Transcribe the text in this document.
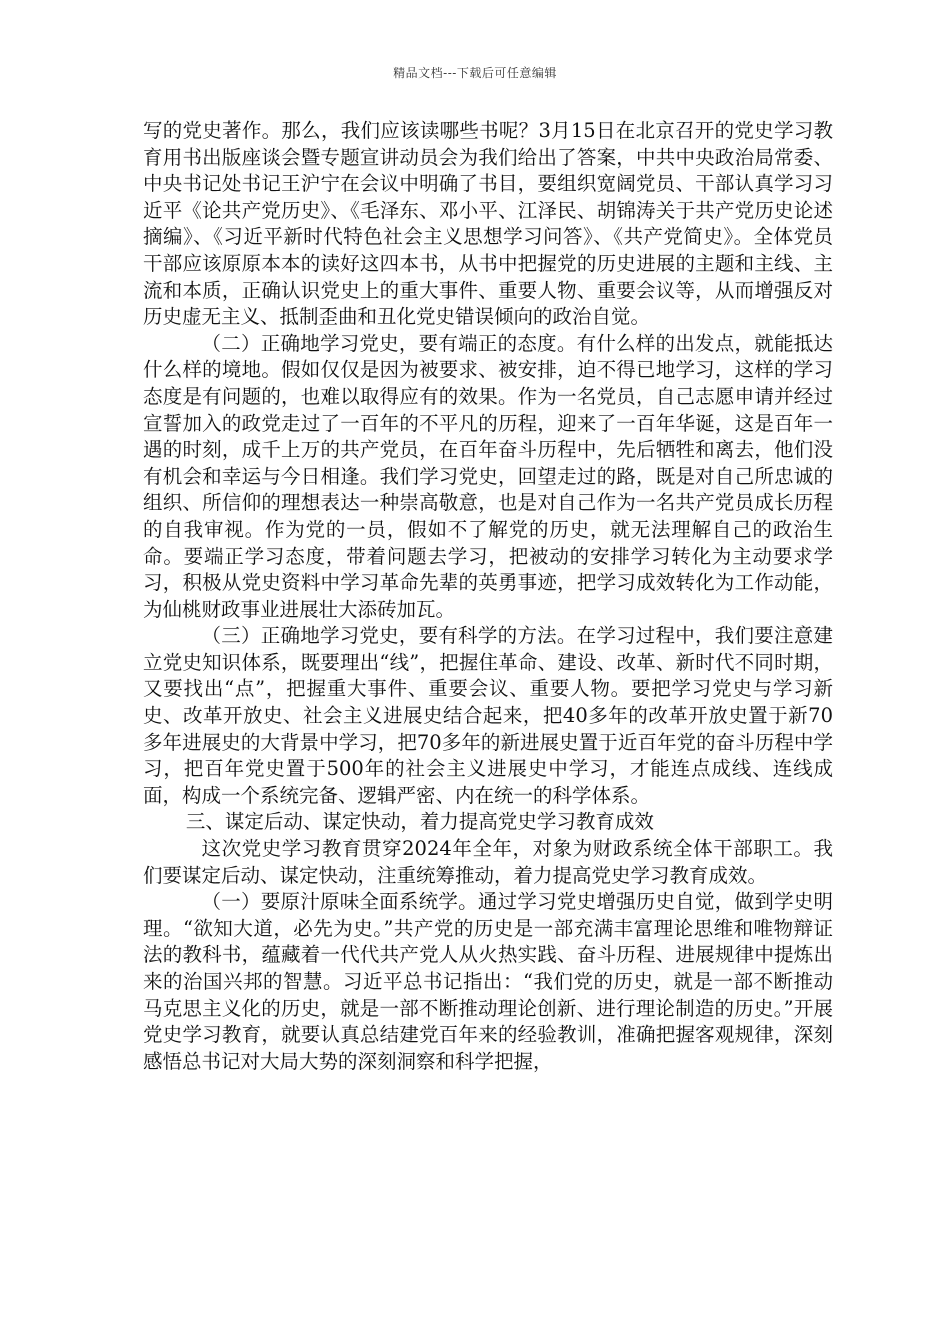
精品文档---下载后可任意编辑

写的党史著作。那么，我们应该读哪些书呢？3月15日在北京召开的党史学习教育用书出版座谈会暨专题宣讲动员会为我们给出了答案，中共中央政治局常委、中央书记处书记王沪宁在会议中明确了书目，要组织宽阔党员、干部认真学习习近平《论共产党历史》、《毛泽东、邓小平、江泽民、胡锦涛关于共产党历史论述摘编》、《习近平新时代特色社会主义思想学习问答》、《共产党简史》。全体党员干部应该原原本本的读好这四本书，从书中把握党的历史进展的主题和主线、主流和本质，正确认识党史上的重大事件、重要人物、重要会议等，从而增强反对历史虚无主义、抵制歪曲和丑化党史错误倾向的政治自觉。

（二）正确地学习党史，要有端正的态度。有什么样的出发点，就能抵达什么样的境地。假如仅仅是因为被要求、被安排，迫不得已地学习，这样的学习态度是有问题的，也难以取得应有的效果。作为一名党员，自己志愿申请并经过宣誓加入的政党走过了一百年的不平凡的历程，迎来了一百年华诞，这是百年一遇的时刻，成千上万的共产党员，在百年奋斗历程中，先后牺牲和离去，他们没有机会和幸运与今日相逢。我们学习党史，回望走过的路，既是对自己所忠诚的组织、所信仰的理想表达一种崇高敬意，也是对自己作为一名共产党员成长历程的自我审视。作为党的一员，假如不了解党的历史，就无法理解自己的政治生命。要端正学习态度，带着问题去学习，把被动的安排学习转化为主动要求学习，积极从党史资料中学习革命先辈的英勇事迹，把学习成效转化为工作动能，为仙桃财政事业进展壮大添砖加瓦。

（三）正确地学习党史，要有科学的方法。在学习过程中，我们要注意建立党史知识体系，既要理出“线”，把握住革命、建设、改革、新时代不同时期，又要找出“点”，把握重大事件、重要会议、重要人物。要把学习党史与学习新史、改革开放史、社会主义进展史结合起来，把40多年的改革开放史置于新70多年进展史的大背景中学习，把70多年的新进展史置于近百年党的奋斗历程中学习，把百年党史置于500年的社会主义进展史中学习，才能连点成线、连线成面，构成一个系统完备、逻辑严密、内在统一的科学体系。

三、谋定后动、谋定快动，着力提高党史学习教育成效

这次党史学习教育贯穿2024年全年，对象为财政系统全体干部职工。我们要谋定后动、谋定快动，注重统筹推动，着力提高党史学习教育成效。

（一）要原汁原味全面系统学。通过学习党史增强历史自觉，做到学史明理。“欲知大道，必先为史。”共产党的历史是一部充满丰富理论思维和唯物辩证法的教科书，蕴藏着一代代共产党人从火热实践、奋斗历程、进展规律中提炼出来的治国兴邦的智慧。习近平总书记指出：“我们党的历史，就是一部不断推动马克思主义化的历史，就是一部不断推动理论创新、进行理论制造的历史。”开展党史学习教育，就要认真总结建党百年来的经验教训，准确把握客观规律，深刻感悟总书记对大局大势的深刻洞察和科学把握，
